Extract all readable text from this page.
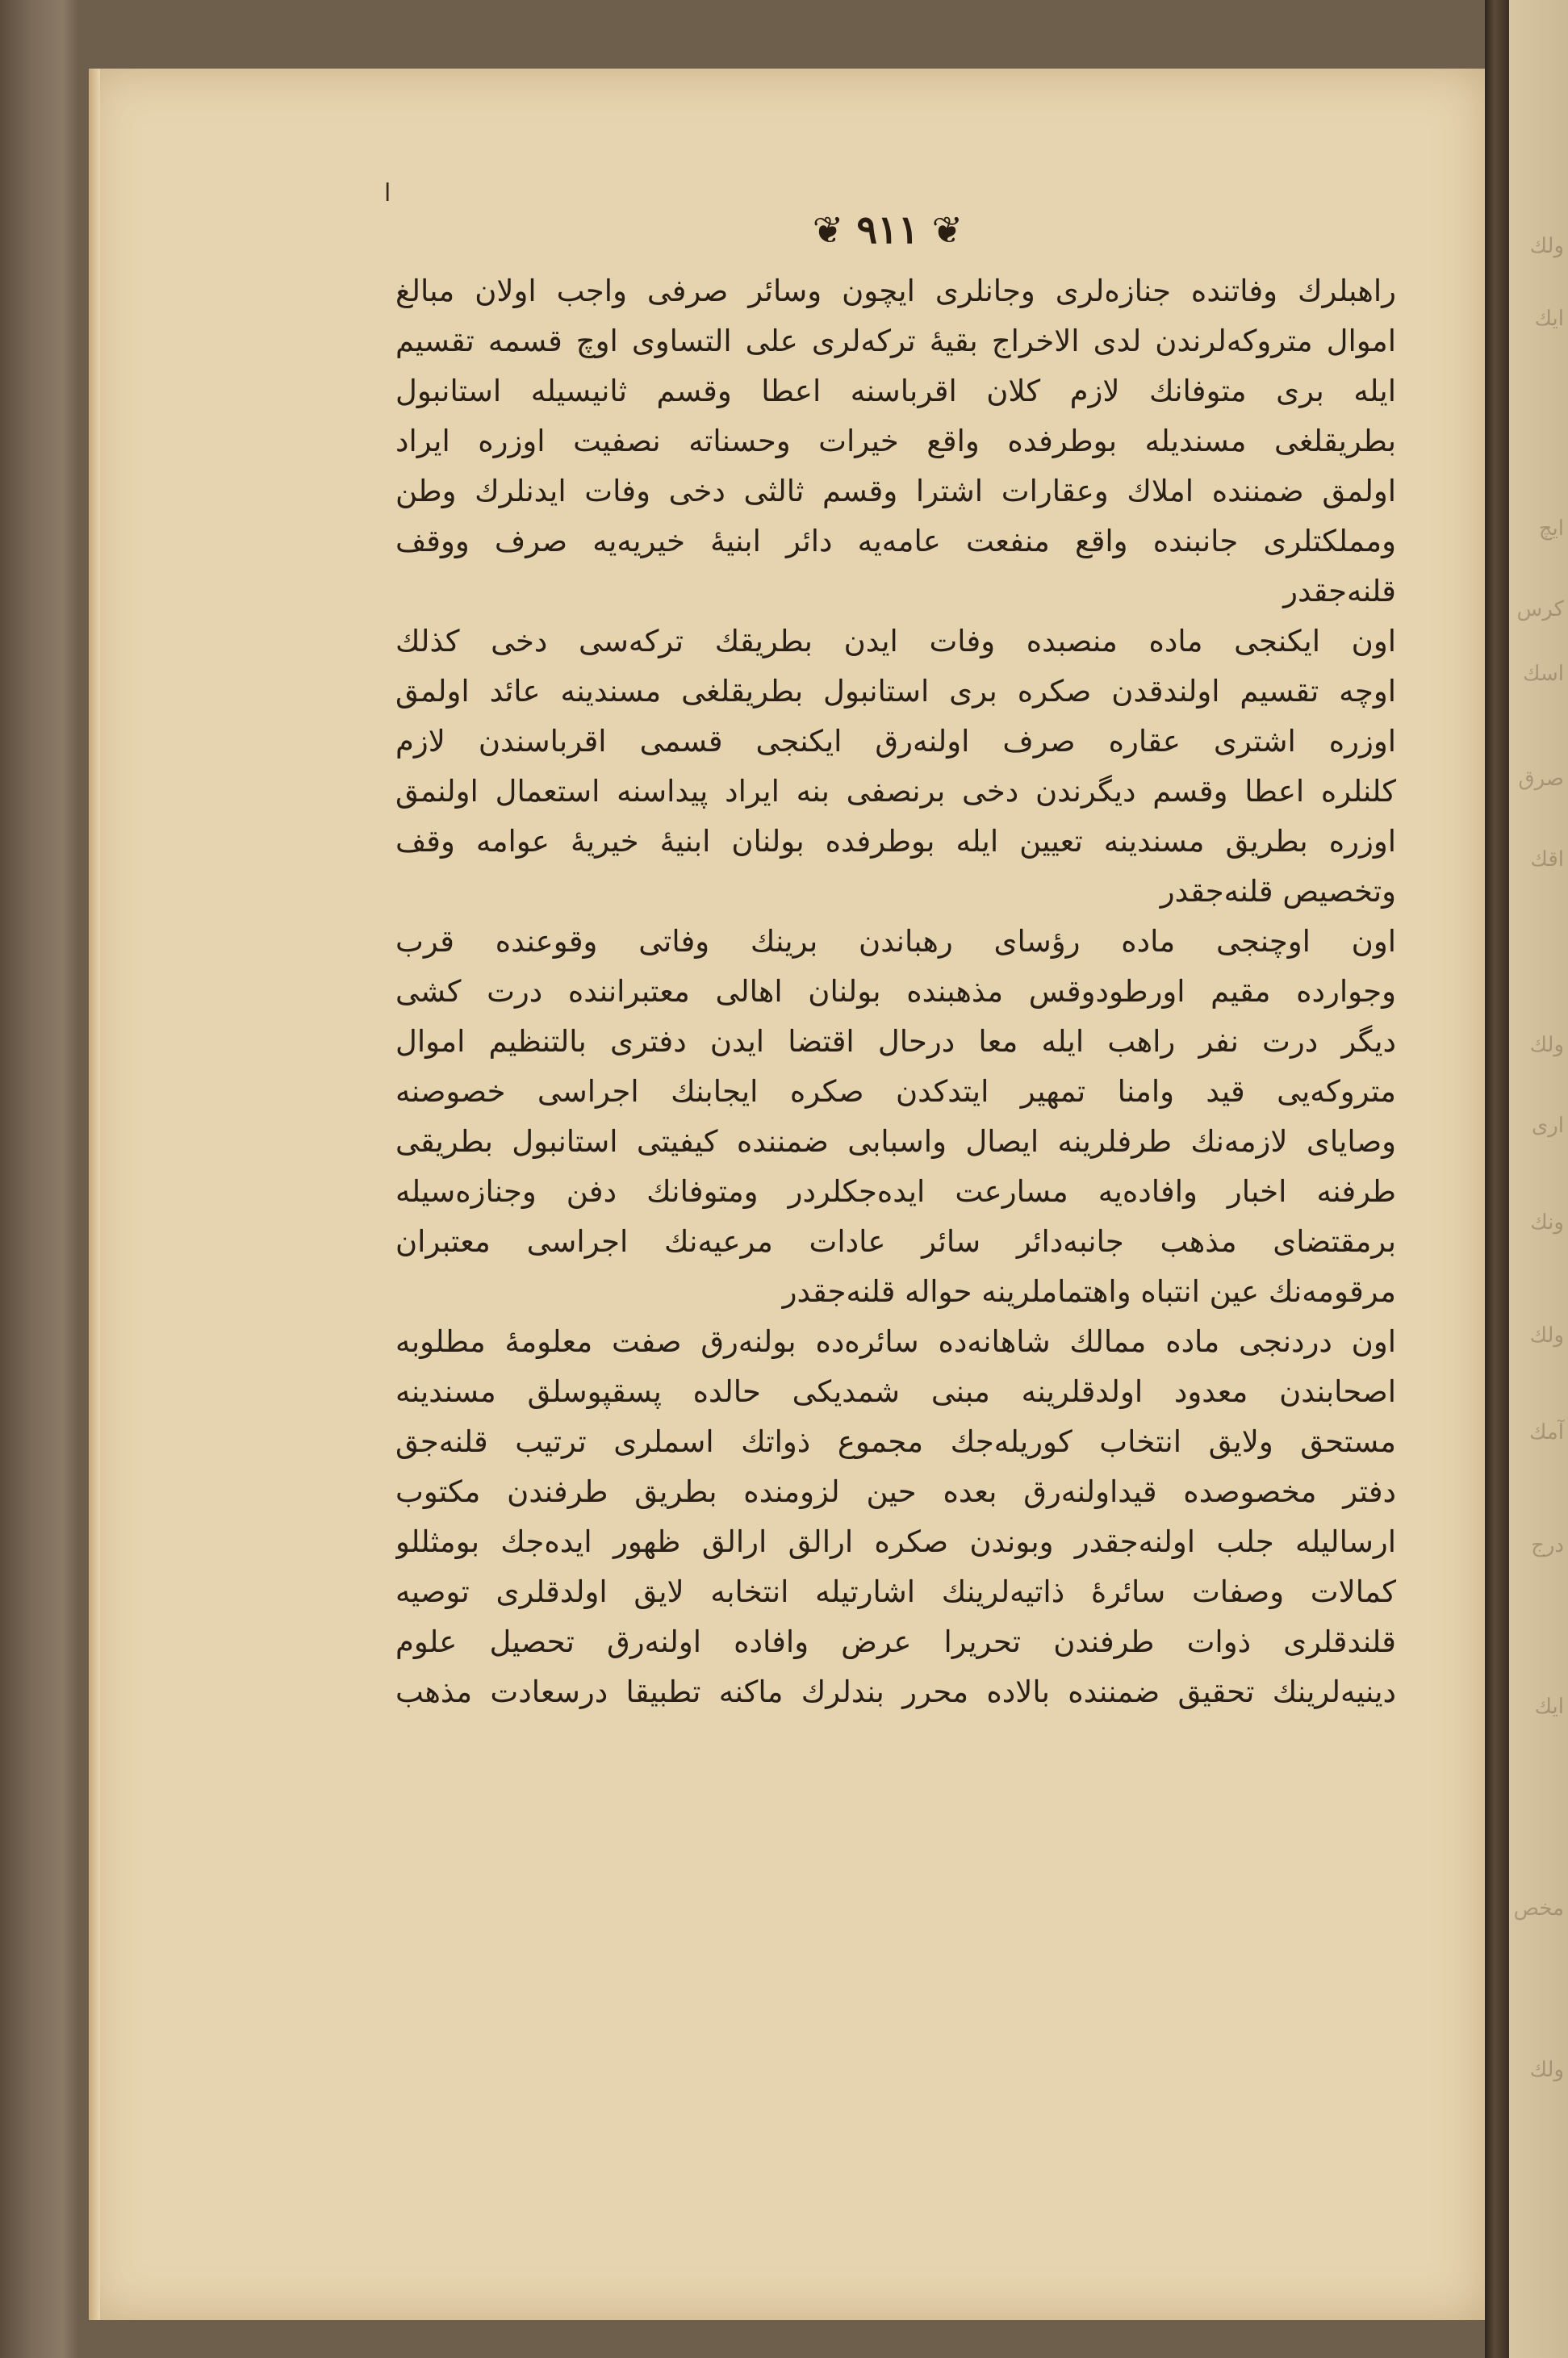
ولك
ایك
ایچ
كرس
اسك
صرق
اقك
ولك
اری
ونك
ولك
آمك
درج
ایك
مخص
ولك
ا
❦ ٩١١ ❦
راهبلرك وفاتنده جنازه‌لری وجانلری ایچون وسائر صرفی واجب اولان مبالغ
اموال متروكه‌لرندن لدی الاخراج بقیهٔ تركه‌لری علی التساوی اوچ قسمه تقسیم
ایله بری متوفانك لازم كلان اقرباسنه اعطا وقسم ثانیسیله استانبول
بطریقلغی مسندیله بوطرفده واقع خیرات وحسناته نصفیت اوزره ایراد
اولمق ضمننده املاك وعقارات اشترا وقسم ثالثی دخی وفات ایدنلرك وطن
ومملكتلری جانبنده واقع منفعت عامه‌یه دائر ابنیهٔ خیریه‌یه صرف ووقف
قلنه‌جقدر
اون ایكنجی ماده منصبده وفات ایدن بطریقك تركه‌سی دخی كذلك
اوچه تقسیم اولندقدن صكره بری استانبول بطریقلغی مسندینه عائد اولمق
اوزره اشتری عقاره صرف اولنه‌رق ایكنجی قسمی اقرباسندن لازم
كلنلره اعطا وقسم دیگرندن دخی برنصفی بنه ایراد پیداسنه استعمال اولنمق
اوزره بطریق مسندینه تعیین ایله بوطرفده بولنان ابنیهٔ خیریهٔ عوامه وقف
وتخصیص قلنه‌جقدر
اون اوچنجی ماده رؤسای رهباندن برینك وفاتی وقوعنده قرب
وجوارده مقیم اورطودوقس مذهبنده بولنان اهالی معتبراننده درت كشی
دیگر درت نفر راهب ایله معا درحال اقتضا ایدن دفتری بالتنظیم اموال
متروكه‌یی قید وامنا تمهیر ایتدكدن صكره ایجابنك اجراسی خصوصنه
وصایای لازمه‌نك طرفلرینه ایصال واسبابی ضمننده كیفیتی استانبول بطریقی
طرفنه اخبار وافاده‌یه مسارعت ایده‌جكلردر ومتوفانك دفن وجنازه‌سیله
برمقتضای مذهب جانبه‌دائر سائر عادات مرعیه‌نك اجراسی معتبران
مرقومه‌نك عین انتباه واهتماملرینه حواله قلنه‌جقدر
اون دردنجی ماده ممالك شاهانه‌ده سائره‌ده بولنه‌رق صفت معلومهٔ مطلوبه
اصحابندن معدود اولدقلرینه مبنی شمدیكی حالده پسقپوسلق مسندینه
مستحق ولایق انتخاب كوریله‌جك مجموع ذواتك اسملری ترتیب قلنه‌جق
دفتر مخصوصده قیداولنه‌رق بعده حین لزومنده بطریق طرفندن مكتوب
ارسالیله جلب اولنه‌جقدر وبوندن صكره ارالق ارالق ظهور ایده‌جك بومثللو
كمالات وصفات سائرهٔ ذاتیه‌لرینك اشارتیله انتخابه لایق اولدقلری توصیه
قلندقلری ذوات طرفندن تحریرا عرض وافاده اولنه‌رق تحصیل علوم
دینیه‌لرینك تحقیق ضمننده بالاده محرر بندلرك ماكنه تطبیقا درسعادت مذهب
